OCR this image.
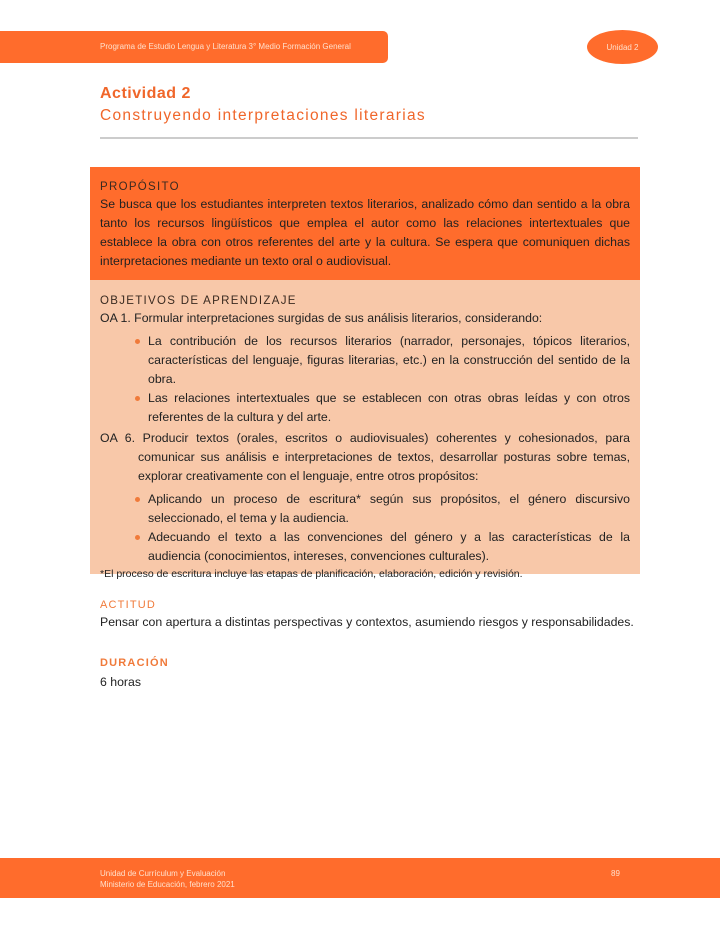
Programa de Estudio Lengua y Literatura 3° Medio Formación General	Unidad 2
Actividad 2
Construyendo interpretaciones literarias
PROPÓSITO

Se busca que los estudiantes interpreten textos literarios, analizado cómo dan sentido a la obra tanto los recursos lingüísticos que emplea el autor como las relaciones intertextuales que establece la obra con otros referentes del arte y la cultura. Se espera que comuniquen dichas interpretaciones mediante un texto oral o audiovisual.

OBJETIVOS DE APRENDIZAJE

OA 1. Formular interpretaciones surgidas de sus análisis literarios, considerando:

La contribución de los recursos literarios (narrador, personajes, tópicos literarios, características del lenguaje, figuras literarias, etc.) en la construcción del sentido de la obra.
Las relaciones intertextuales que se establecen con otras obras leídas y con otros referentes de la cultura y del arte.

OA 6. Producir textos (orales, escritos o audiovisuales) coherentes y cohesionados, para comunicar sus análisis e interpretaciones de textos, desarrollar posturas sobre temas, explorar creativamente con el lenguaje, entre otros propósitos:

Aplicando un proceso de escritura* según sus propósitos, el género discursivo seleccionado, el tema y la audiencia.
Adecuando el texto a las convenciones del género y a las características de la audiencia (conocimientos, intereses, convenciones culturales).
*El proceso de escritura incluye las etapas de planificación, elaboración, edición y revisión.
ACTITUD
Pensar con apertura a distintas perspectivas y contextos, asumiendo riesgos y responsabilidades.
DURACIÓN
6 horas
Unidad de Currículum y Evaluación
Ministerio de Educación, febrero 2021
89
